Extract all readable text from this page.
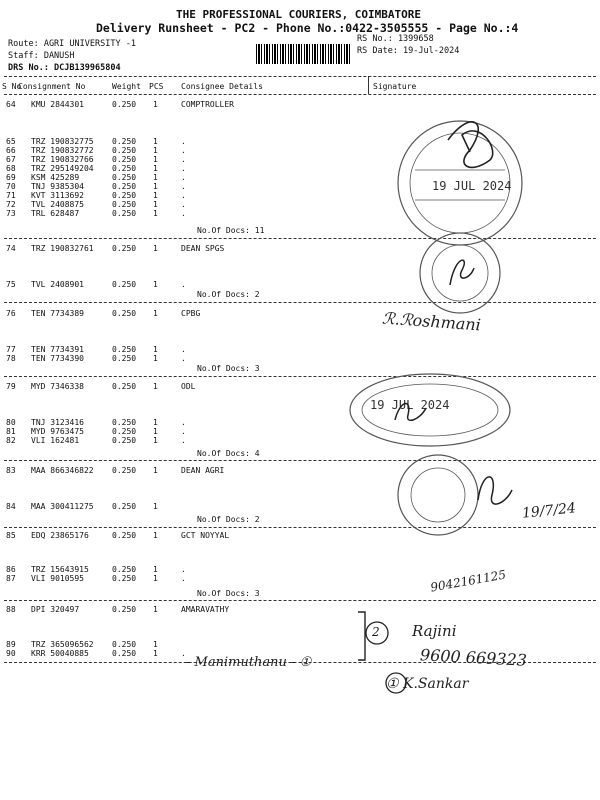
THE PROFESSIONAL COURIERS, COIMBATORE
Delivery Runsheet - PC2 - Phone No.:0422-3505555 - Page No.:4
Route: AGRI UNIVERSITY -1
Staff: DANUSH
DRS No.: DCJB139965804
RS No.: 1399658
RS Date: 19-Jul-2024
S No
Consignment No	Weight PCS Consignee Details	Signature
64 KMU 2844301	0.250 1	COMPTROLLER
65 TRZ 190832775 0.250 1	.
66 TRZ 190832772 0.250 1	.
67 TRZ 190832766 0.250 1	.
68 TRZ 295149204 0.250 1	.
69 KSM 425289	0.250 1	.
70 TNJ 9385304	0.250 1	.
71 KVT 3113692	0.250 1	.
72 TVL 2408875	0.250 1	.
73 TRL 628487	0.250 1	.
74 TRZ 190832761 0.250 1	DEAN SPGS
75 TVL 2408901	0.250 1	.
76 TEN 7734389	0.250 1	CPBG
77 TEN 7734391	0.250 1	.
78 TEN 7734390	0.250 1	.
79 MYD 7346338	0.250 1	ODL
80 TNJ 3123416	0.250 1	.
81 MYD 9763475	0.250 1	.
82 VLI 162481	0.250 1	.
83 MAA 866346822 0.250 1	DEAN AGRI
84 MAA 300411275 0.250 1
85 EDQ 23865176	0.250 1	GCT NOYYAL
86 TRZ 15643915	0.250 1	.
87 VLI 9010595	0.250 1	.
88 DPI 320497	0.250 1	AMARAVATHY
89 TRZ 365096562 0.250 1
90 KRR 50040885	0.250 1	.
No.Of Docs: 11
No.Of Docs: 2
No.Of Docs: 3
No.Of Docs: 4
No.Of Docs: 2
No.Of Docs: 3
19 JUL 2024
19 JUL 2024
ℛ.ℛoshmani
19/7/24
9042161125
Rajini
2
9600 669323
- Manimuthanu - ①
① K.Sankar
